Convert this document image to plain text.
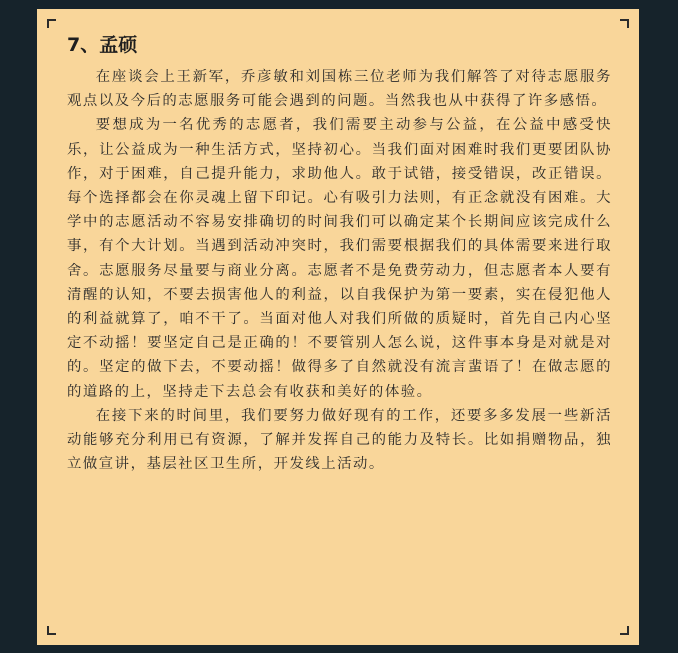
7、孟硕

在座谈会上王新军，乔彦敏和刘国栋三位老师为我们解答了对待志愿服务观点以及今后的志愿服务可能会遇到的问题。当然我也从中获得了许多感悟。

要想成为一名优秀的志愿者，我们需要主动参与公益，在公益中感受快乐，让公益成为一种生活方式，坚持初心。当我们面对困难时我们更要团队协作，对于困难，自己提升能力，求助他人。敢于试错，接受错误，改正错误。每个选择都会在你灵魂上留下印记。心有吸引力法则，有正念就没有困难。大学中的志愿活动不容易安排确切的时间我们可以确定某个长期间应该完成什么事，有个大计划。当遇到活动冲突时，我们需要根据我们的具体需要来进行取舍。志愿服务尽量要与商业分离。志愿者不是免费劳动力，但志愿者本人要有清醒的认知，不要去损害他人的利益，以自我保护为第一要素，实在侵犯他人的利益就算了，咱不干了。当面对他人对我们所做的质疑时，首先自己内心坚定不动摇！要坚定自己是正确的！不要管别人怎么说，这件事本身是对就是对的。坚定的做下去，不要动摇！做得多了自然就没有流言蜚语了！在做志愿的的道路的上，坚持走下去总会有收获和美好的体验。

在接下来的时间里，我们要努力做好现有的工作，还要多多发展一些新活动能够充分利用已有资源，了解并发挥自己的能力及特长。比如捐赠物品，独立做宣讲，基层社区卫生所，开发线上活动。
